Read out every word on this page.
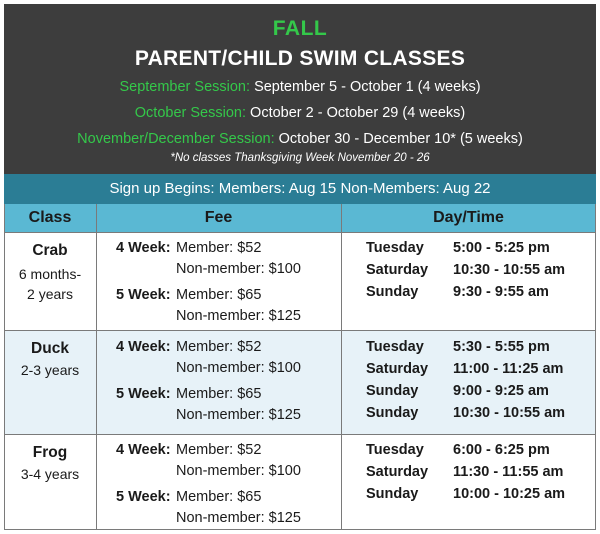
FALL
PARENT/CHILD SWIM CLASSES
September Session: September 5 - October 1 (4 weeks)
October Session: October 2 - October 29 (4 weeks)
November/December Session: October 30 - December 10* (5 weeks)
*No classes Thanksgiving Week November 20 - 26
Sign up Begins: Members: Aug 15 Non-Members: Aug 22
Class	Fee	Day/Time
Crab
6 months-
2 years
4 Week: Member: $52
Non-member: $100
5 Week: Member: $65
Non-member: $125
Tuesday 5:00 - 5:25 pm
Saturday 10:30 - 10:55 am
Sunday 9:30 - 9:55 am
Duck
2-3 years
4 Week: Member: $52
Non-member: $100
5 Week: Member: $65
Non-member: $125
Tuesday 5:30 - 5:55 pm
Saturday 11:00 - 11:25 am
Sunday 9:00 - 9:25 am
Sunday 10:30 - 10:55 am
Frog
3-4 years
4 Week: Member: $52
Non-member: $100
5 Week: Member: $65
Non-member: $125
Tuesday 6:00 - 6:25 pm
Saturday 11:30 - 11:55 am
Sunday 10:00 - 10:25 am
